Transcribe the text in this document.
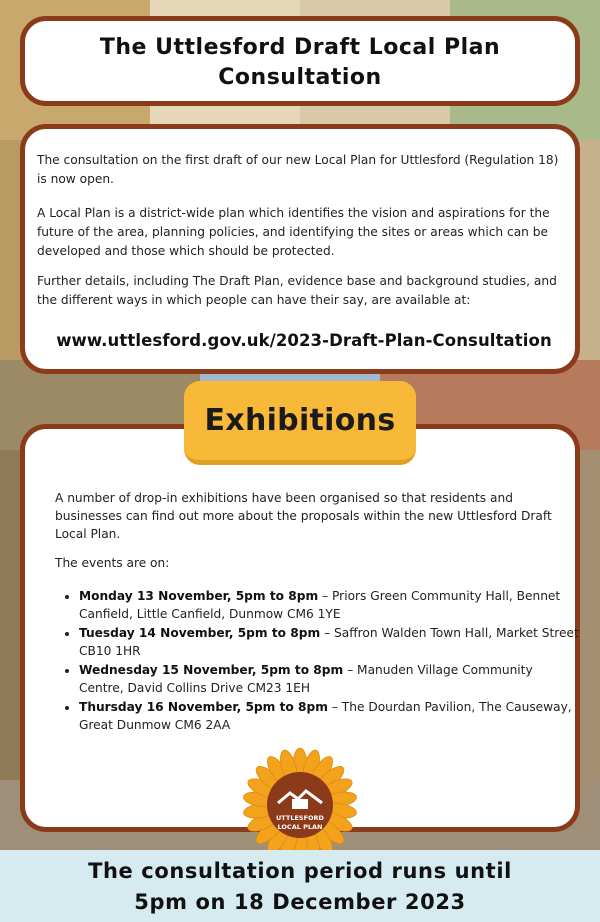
The Uttlesford Draft Local Plan
Consultation

The consultation on the first draft of our new Local Plan for Uttlesford (Regulation 18) is now open.

A Local Plan is a district-wide plan which identifies the vision and aspirations for the future of the area, planning policies, and identifying the sites or areas which can be developed and those which should be protected.

Further details, including The Draft Plan, evidence base and background studies, and the different ways in which people can have their say, are available at:

www.uttlesford.gov.uk/2023-Draft-Plan-Consultation

A number of drop-in exhibitions have been organised so that residents and businesses can find out more about the proposals within the new Uttlesford Draft Local Plan.

The events are on:

• Monday 13 November, 5pm to 8pm – Priors Green Community Hall, Bennet Canfield, Little Canfield, Dunmow CM6 1YE
• Tuesday 14 November, 5pm to 8pm – Saffron Walden Town Hall, Market Street CB10 1HR
• Wednesday 15 November, 5pm to 8pm – Manuden Village Community Centre, David Collins Drive CM23 1EH
• Thursday 16 November, 5pm to 8pm – The Dourdan Pavilion, The Causeway, Great Dunmow CM6 2AA
Exhibitions
UTTLESFORD
LOCAL PLAN
The consultation period runs until
5pm on 18 December 2023
